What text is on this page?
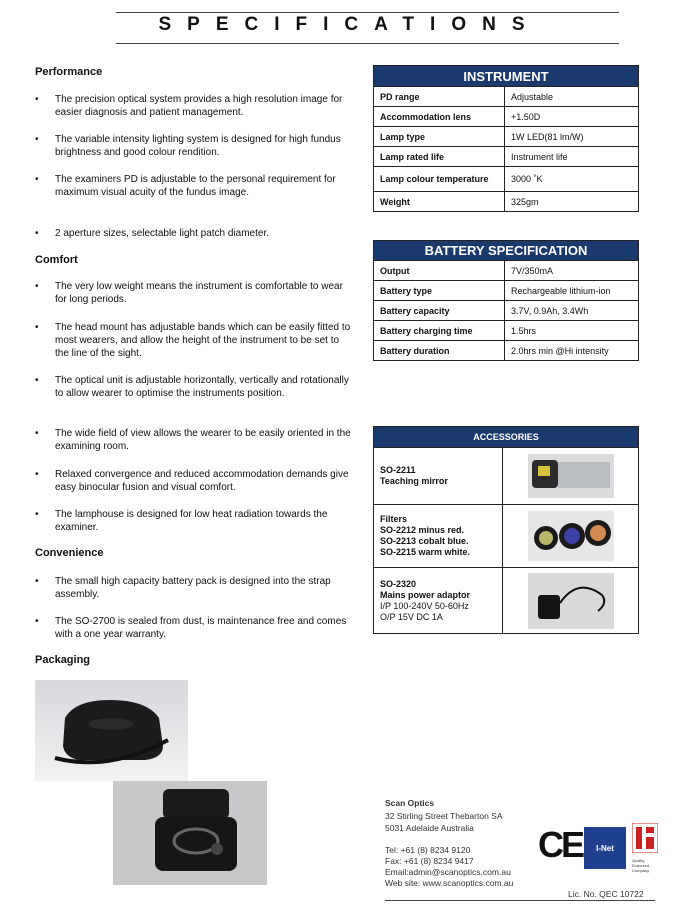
SPECIFICATIONS
Performance
• The precision optical system provides a high resolution image for easier diagnosis and patient management.
• The variable intensity lighting system is designed for high fundus brightness and good colour rendition.
• The examiners PD is adjustable to the personal requirement for maximum visual acuity of the fundus image.
• 2 aperture sizes, selectable light patch diameter.
Comfort
• The very low weight means the instrument is comfortable to wear for long periods.
• The head mount has adjustable bands which can be easily fitted to most wearers, and allow the height of the instrument to be set to the line of the sight.
• The optical unit is adjustable horizontally, vertically and rotationally to allow wearer to optimise the instruments position.
• The wide field of view allows the wearer to be easily oriented in the examining room.
• Relaxed convergence and reduced accommodation demands give easy binocular fusion and visual comfort.
• The lamphouse is designed for low heat radiation towards the examiner.
Convenience
• The small high capacity battery pack is designed into the strap assembly.
• The SO-2700 is sealed from dust, is maintenance free and comes with a one year warranty.
Packaging
INSTRUMENT	
PD range	Adjustable
Accommodation lens	+1.50D
Lamp type	1W LED(81 lm/W)
Lamp rated life	Instrument life
Lamp colour temperature	3000 ˚K
Weight	325gm
BATTERY SPECIFICATION	
Output	7V/350mA
Battery type	Rechargeable lithium-ion
Battery capacity	3.7V, 0.9Ah, 3.4Wh
Battery charging time	1.5hrs
Battery duration	2.0hrs min @Hi intensity
ACCESSORIES	

SO-2211
Teaching mirror

Filters
SO-2212 minus red.
SO-2213 cobalt blue.
SO-2215 warm white.

SO-2320
Mains power adaptor
I/P 100-240V 50-60Hz
O/P 15V DC 1A

Scan Optics
32 Stirling Street Thebarton SA
5031 Adelaide Australia
Tel: +61 (8) 8234 9120
Fax: +61 (8) 8234 9417
Email:admin@scanoptics.com.au
Web site: www.scanoptics.com.au
CE I-Net
Quality Endorsed Company
Lic. No. QEC 10722
